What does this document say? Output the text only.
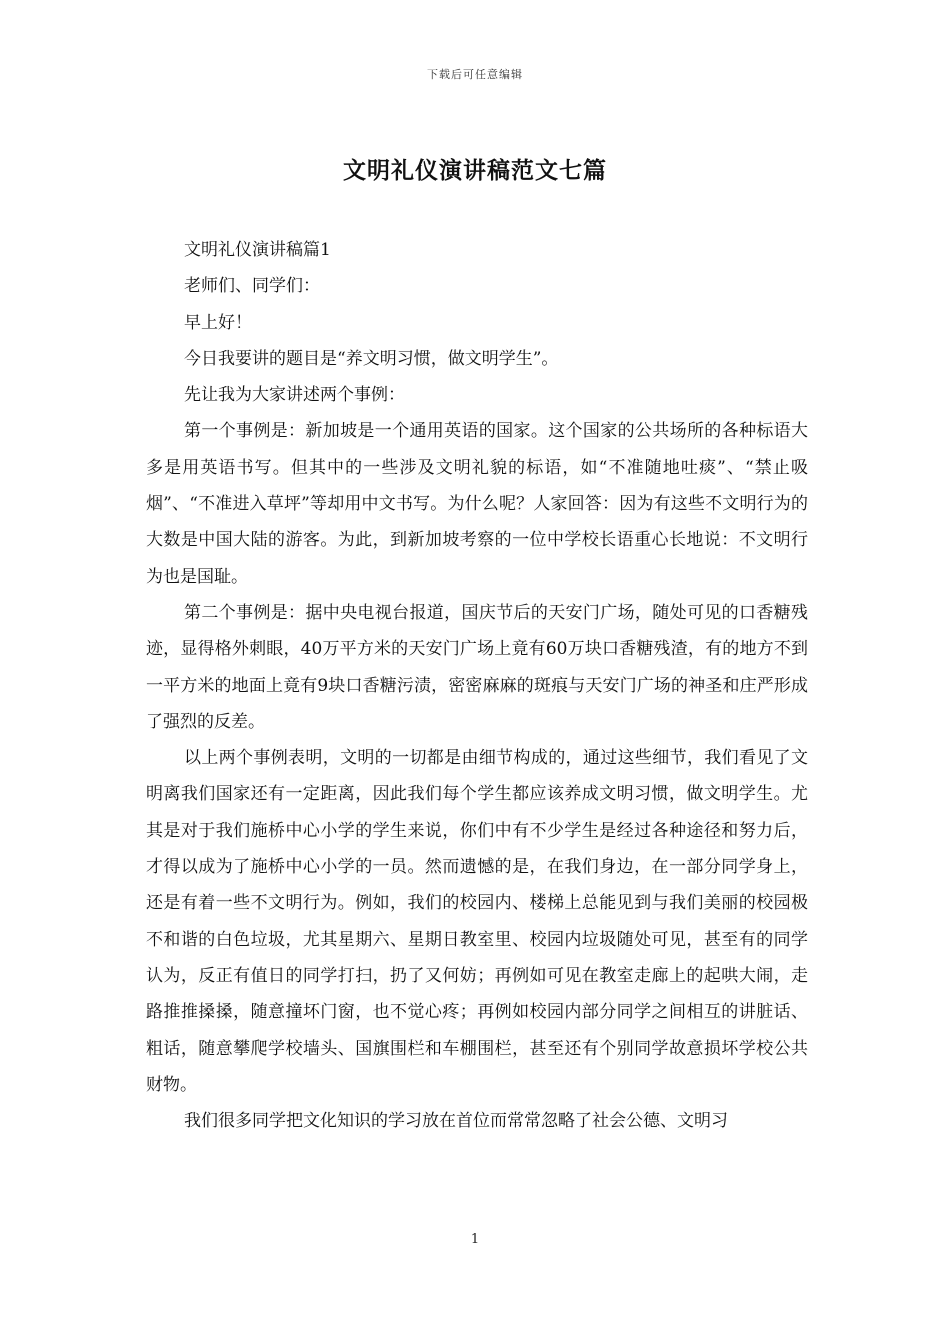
下载后可任意编辑
文明礼仪演讲稿范文七篇

文明礼仪演讲稿篇1

老师们、同学们：

早上好！

今日我要讲的题目是“养文明习惯，做文明学生”。

先让我为大家讲述两个事例：

第一个事例是：新加坡是一个通用英语的国家。这个国家的公共场所的各种标语大多是用英语书写。但其中的一些涉及文明礼貌的标语，如“不准随地吐痰”、“禁止吸烟”、“不准进入草坪”等却用中文书写。为什么呢？人家回答：因为有这些不文明行为的大数是中国大陆的游客。为此，到新加坡考察的一位中学校长语重心长地说：不文明行为也是国耻。

第二个事例是：据中央电视台报道，国庆节后的天安门广场，随处可见的口香糖残迹，显得格外刺眼，40万平方米的天安门广场上竟有60万块口香糖残渣，有的地方不到一平方米的地面上竟有9块口香糖污渍，密密麻麻的斑痕与天安门广场的神圣和庄严形成了强烈的反差。

以上两个事例表明，文明的一切都是由细节构成的，通过这些细节，我们看见了文明离我们国家还有一定距离，因此我们每个学生都应该养成文明习惯，做文明学生。尤其是对于我们施桥中心小学的学生来说，你们中有不少学生是经过各种途径和努力后，才得以成为了施桥中心小学的一员。然而遗憾的是，在我们身边，在一部分同学身上，还是有着一些不文明行为。例如，我们的校园内、楼梯上总能见到与我们美丽的校园极不和谐的白色垃圾，尤其星期六、星期日教室里、校园内垃圾随处可见，甚至有的同学认为，反正有值日的同学打扫，扔了又何妨；再例如可见在教室走廊上的起哄大闹，走路推推搡搡，随意撞坏门窗，也不觉心疼；再例如校园内部分同学之间相互的讲脏话、粗话，随意攀爬学校墙头、国旗围栏和车棚围栏，甚至还有个别同学故意损坏学校公共财物。

我们很多同学把文化知识的学习放在首位而常常忽略了社会公德、文明习

1
